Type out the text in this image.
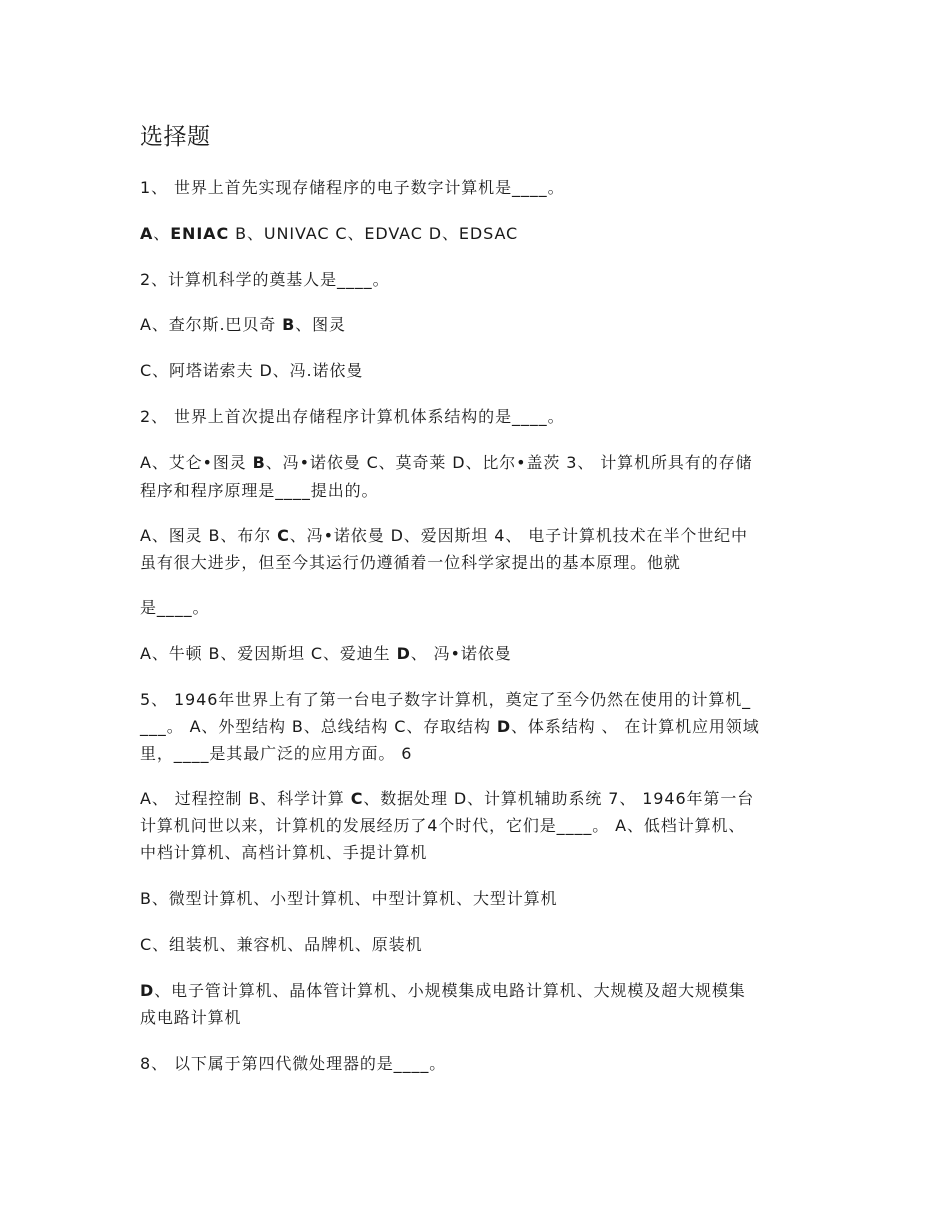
选择题
1、 世界上首先实现存储程序的电子数字计算机是____。
A、ENIAC B、UNIVAC C、EDVAC D、EDSAC
2、计算机科学的奠基人是____。
A、查尔斯.巴贝奇 B、图灵
C、阿塔诺索夫 D、冯.诺依曼
2、 世界上首次提出存储程序计算机体系结构的是____。
A、艾仑•图灵 B、冯•诺依曼 C、莫奇莱 D、比尔•盖茨 3、 计算机所具有的存储
程序和程序原理是____提出的。
A、图灵 B、布尔 C、冯•诺依曼 D、爱因斯坦 4、 电子计算机技术在半个世纪中
虽有很大进步，但至今其运行仍遵循着一位科学家提出的基本原理。他就
是____。
A、牛顿 B、爱因斯坦 C、爱迪生 D、 冯•诺依曼
5、 1946年世界上有了第一台电子数字计算机，奠定了至今仍然在使用的计算机_
___。 A、外型结构 B、总线结构 C、存取结构 D、体系结构 、 在计算机应用领域
里，____是其最广泛的应用方面。 6
A、 过程控制 B、科学计算 C、数据处理 D、计算机辅助系统 7、 1946年第一台
计算机问世以来，计算机的发展经历了4个时代，它们是____。 A、低档计算机、
中档计算机、高档计算机、手提计算机
B、微型计算机、小型计算机、中型计算机、大型计算机
C、组装机、兼容机、品牌机、原装机
D、电子管计算机、晶体管计算机、小规模集成电路计算机、大规模及超大规模集
成电路计算机
8、 以下属于第四代微处理器的是____。
